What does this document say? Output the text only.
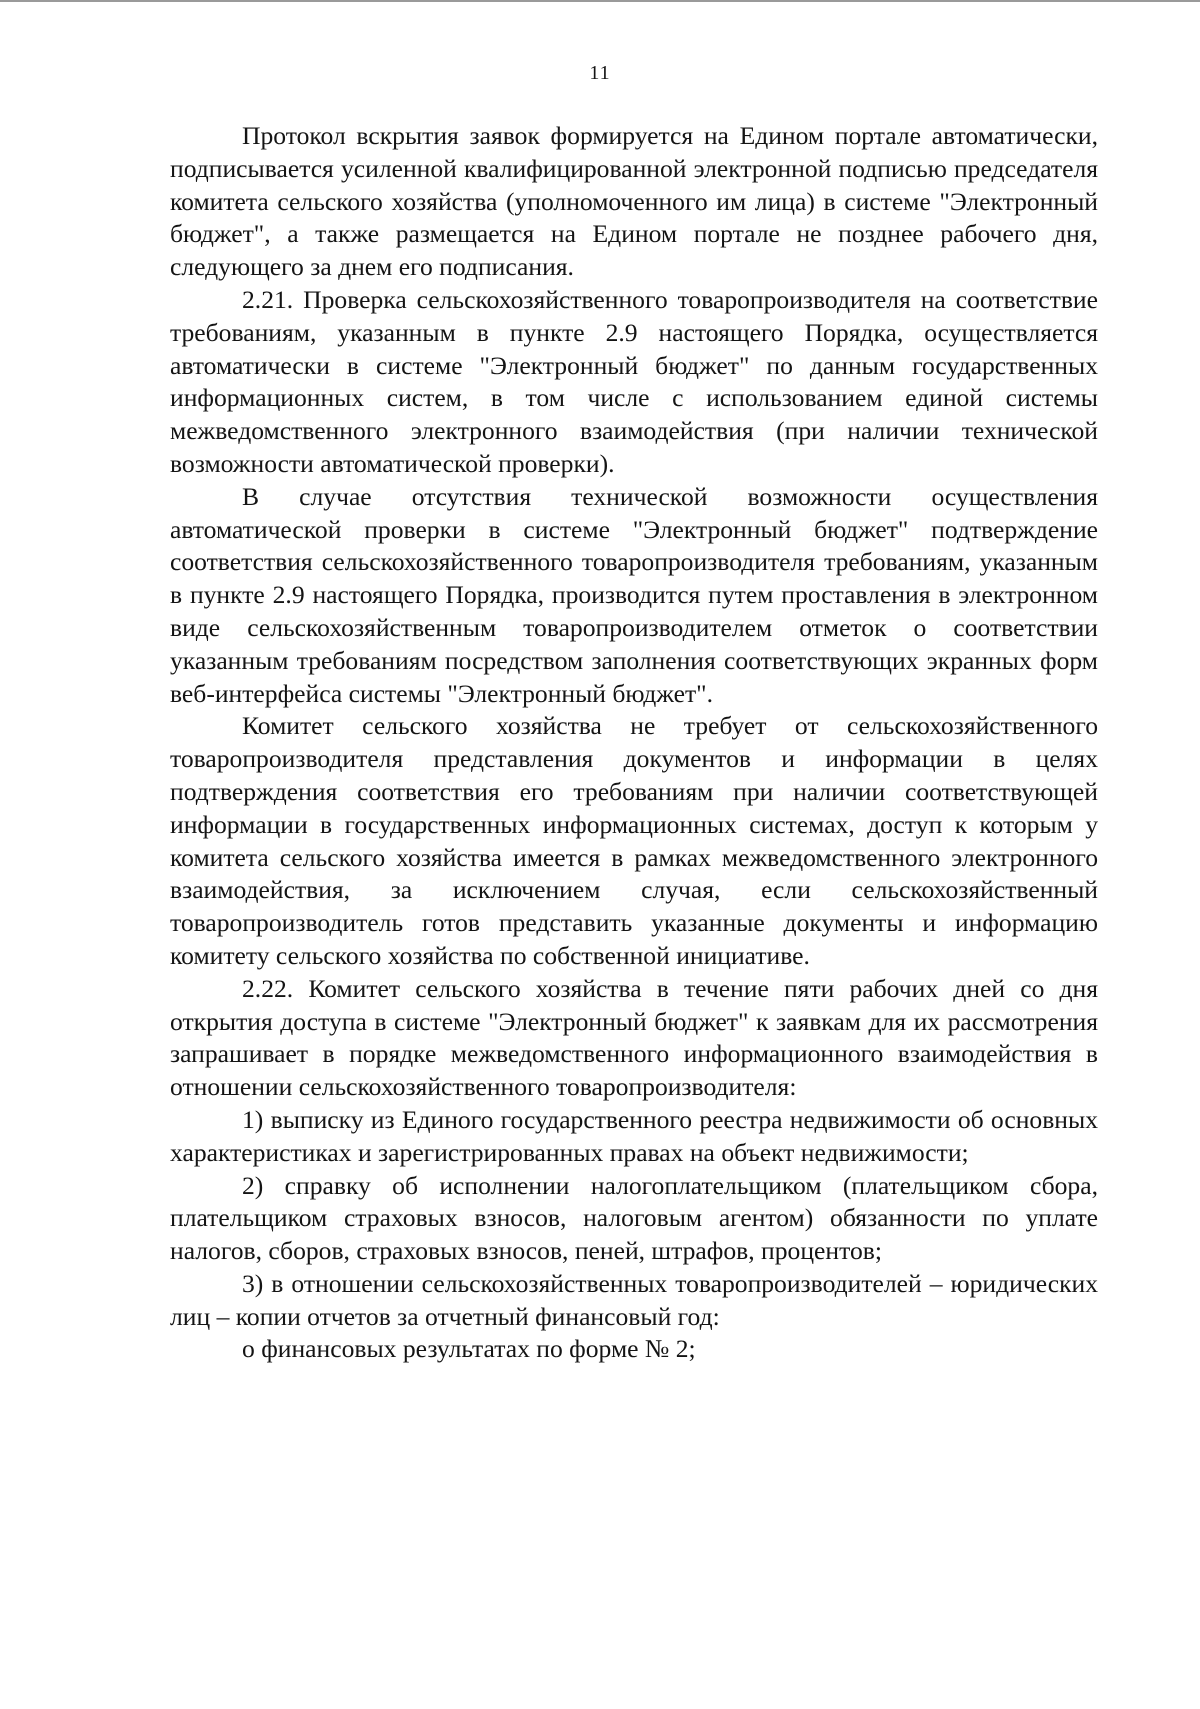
11

Протокол вскрытия заявок формируется на Едином портале автоматически, подписывается усиленной квалифицированной электронной подписью председателя комитета сельского хозяйства (уполномоченного им лица) в системе "Электронный бюджет", а также размещается на Едином портале не позднее рабочего дня, следующего за днем его подписания.

2.21. Проверка сельскохозяйственного товаропроизводителя на соответствие требованиям, указанным в пункте 2.9 настоящего Порядка, осуществляется автоматически в системе "Электронный бюджет" по данным государственных информационных систем, в том числе с использованием единой системы межведомственного электронного взаимодействия (при наличии технической возможности автоматической проверки).

В случае отсутствия технической возможности осуществления автоматической проверки в системе "Электронный бюджет" подтверждение соответствия сельскохозяйственного товаропроизводителя требованиям, указанным в пункте 2.9 настоящего Порядка, производится путем проставления в электронном виде сельскохозяйственным товаропроизводителем отметок о соответствии указанным требованиям посредством заполнения соответствующих экранных форм веб-интерфейса системы "Электронный бюджет".

Комитет сельского хозяйства не требует от сельскохозяйственного товаропроизводителя представления документов и информации в целях подтверждения соответствия его требованиям при наличии соответствующей информации в государственных информационных системах, доступ к которым у комитета сельского хозяйства имеется в рамках межведомственного электронного взаимодействия, за исключением случая, если сельскохозяйственный товаропроизводитель готов представить указанные документы и информацию комитету сельского хозяйства по собственной инициативе.

2.22. Комитет сельского хозяйства в течение пяти рабочих дней со дня открытия доступа в системе "Электронный бюджет" к заявкам для их рассмотрения запрашивает в порядке межведомственного информационного взаимодействия в отношении сельскохозяйственного товаропроизводителя:

1) выписку из Единого государственного реестра недвижимости об основных характеристиках и зарегистрированных правах на объект недвижимости;

2) справку об исполнении налогоплательщиком (плательщиком сбора, плательщиком страховых взносов, налоговым агентом) обязанности по уплате налогов, сборов, страховых взносов, пеней, штрафов, процентов;

3) в отношении сельскохозяйственных товаропроизводителей – юридических лиц – копии отчетов за отчетный финансовый год:

о финансовых результатах по форме № 2;
